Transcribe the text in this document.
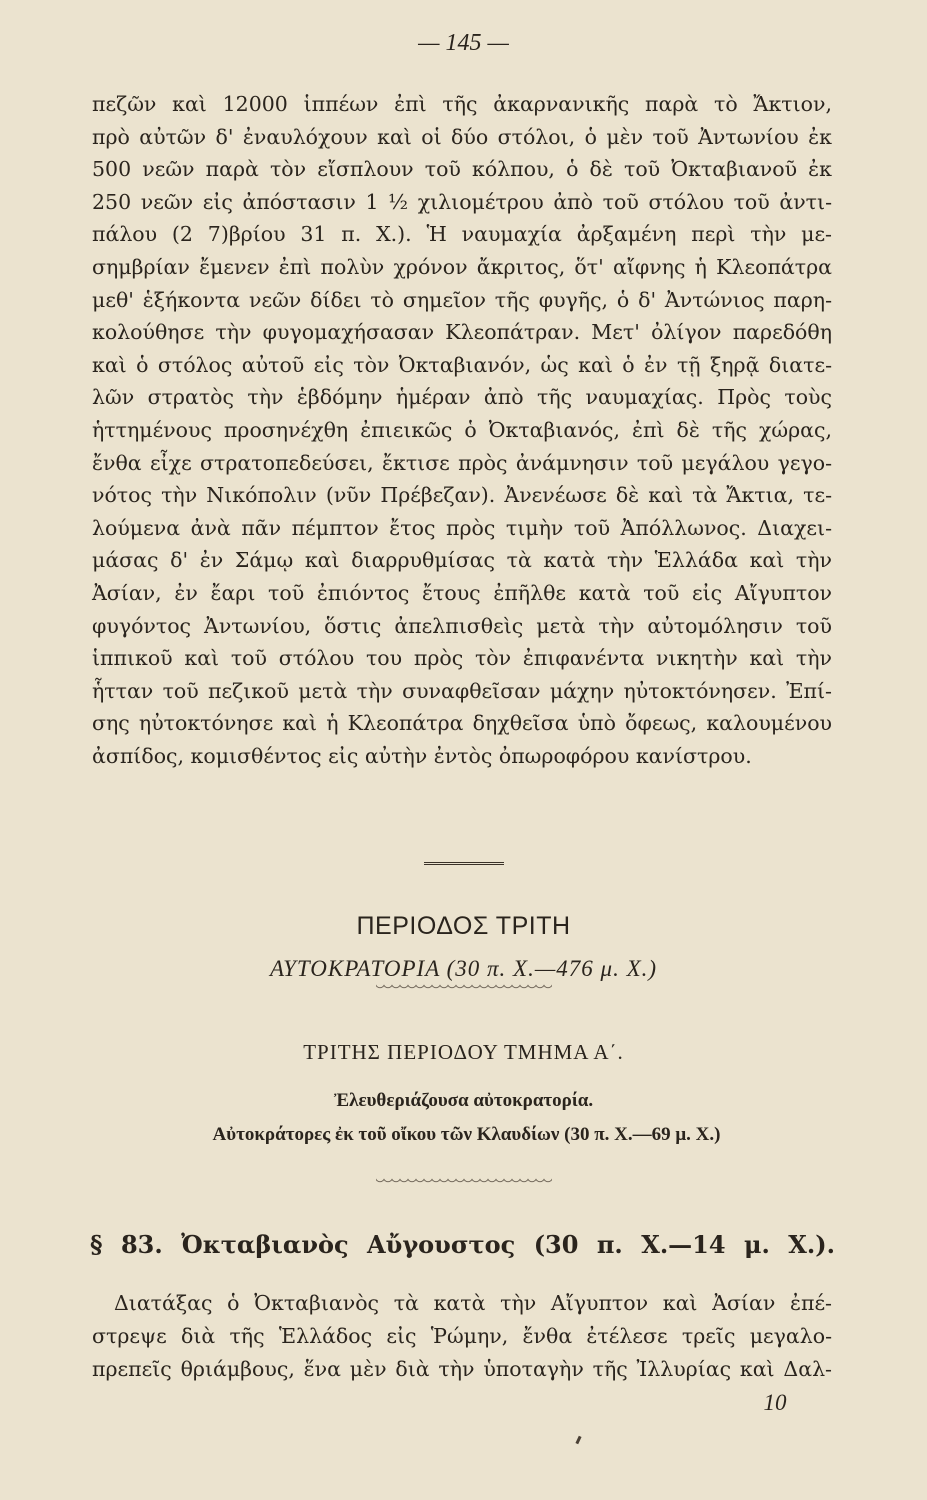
— 145 —
πεζῶν καὶ 12000 ἱππέων ἐπὶ τῆς ἀκαρνανικῆς παρὰ τὸ Ἄκτιον,
πρὸ αὐτῶν δ' ἐναυλόχουν καὶ οἱ δύο στόλοι, ὁ μὲν τοῦ Ἀντωνίου ἐκ
500 νεῶν παρὰ τὸν εἴσπλουν τοῦ κόλπου, ὁ δὲ τοῦ Ὀκταβιανοῦ ἐκ
250 νεῶν εἰς ἀπόστασιν 1 ½ χιλιομέτρου ἀπὸ τοῦ στόλου τοῦ ἀντι-
πάλου (2 7)βρίου 31 π. Χ.). Ἡ ναυμαχία ἀρξαμένη περὶ τὴν με-
σημβρίαν ἔμενεν ἐπὶ πολὺν χρόνον ἄκριτος, ὅτ' αἴφνης ἡ Κλεοπάτρα
μεθ' ἑξήκοντα νεῶν δίδει τὸ σημεῖον τῆς φυγῆς, ὁ δ' Ἀντώνιος παρη-
κολούθησε τὴν φυγομαχήσασαν Κλεοπάτραν. Μετ' ὀλίγον παρεδόθη
καὶ ὁ στόλος αὐτοῦ εἰς τὸν Ὀκταβιανόν, ὡς καὶ ὁ ἐν τῇ ξηρᾷ διατε-
λῶν στρατὸς τὴν ἑβδόμην ἡμέραν ἀπὸ τῆς ναυμαχίας. Πρὸς τοὺς
ἡττημένους προσηνέχθη ἐπιεικῶς ὁ Ὀκταβιανός, ἐπὶ δὲ τῆς χώρας,
ἔνθα εἶχε στρατοπεδεύσει, ἔκτισε πρὸς ἀνάμνησιν τοῦ μεγάλου γεγο-
νότος τὴν Νικόπολιν (νῦν Πρέβεζαν). Ἀνενέωσε δὲ καὶ τὰ Ἄκτια, τε-
λούμενα ἀνὰ πᾶν πέμπτον ἔτος πρὸς τιμὴν τοῦ Ἀπόλλωνος. Διαχει-
μάσας δ' ἐν Σάμῳ καὶ διαρρυθμίσας τὰ κατὰ τὴν Ἑλλάδα καὶ τὴν
Ἀσίαν, ἐν ἔαρι τοῦ ἐπιόντος ἔτους ἐπῆλθε κατὰ τοῦ εἰς Αἴγυπτον
φυγόντος Ἀντωνίου, ὅστις ἀπελπισθεὶς μετὰ τὴν αὐτομόλησιν τοῦ
ἱππικοῦ καὶ τοῦ στόλου του πρὸς τὸν ἐπιφανέντα νικητὴν καὶ τὴν
ἧτταν τοῦ πεζικοῦ μετὰ τὴν συναφθεῖσαν μάχην ηὐτοκτόνησεν. Ἐπί-
σης ηὐτοκτόνησε καὶ ἡ Κλεοπάτρα δηχθεῖσα ὑπὸ ὄφεως, καλουμένου
ἀσπίδος, κομισθέντος εἰς αὐτὴν ἐντὸς ὀπωροφόρου κανίστρου.
ΠΕΡΙΟΔΟΣ ΤΡΙΤΗ
ΑΥΤΟΚΡΑΤΟΡΙΑ (30 π. Χ.—476 μ. Χ.)
ΤΡΙΤΗΣ ΠΕΡΙΟΔΟΥ ΤΜΗΜΑ Α΄.
Ἐλευθεριάζουσα αὐτοκρατορία.
Αὐτοκράτορες ἐκ τοῦ οἴκου τῶν Κλαυδίων (30 π. Χ.—69 μ. Χ.)
§ 83. Ὀκταβιανὸς Αὔγουστος (30 π. Χ.—14 μ. Χ.).
Διατάξας ὁ Ὀκταβιανὸς τὰ κατὰ τὴν Αἴγυπτον καὶ Ἀσίαν ἐπέ-
στρεψε διὰ τῆς Ἑλλάδος εἰς Ῥώμην, ἔνθα ἐτέλεσε τρεῖς μεγαλο-
πρεπεῖς θριάμβους, ἕνα μὲν διὰ τὴν ὑποταγὴν τῆς Ἰλλυρίας καὶ Δαλ-
10
